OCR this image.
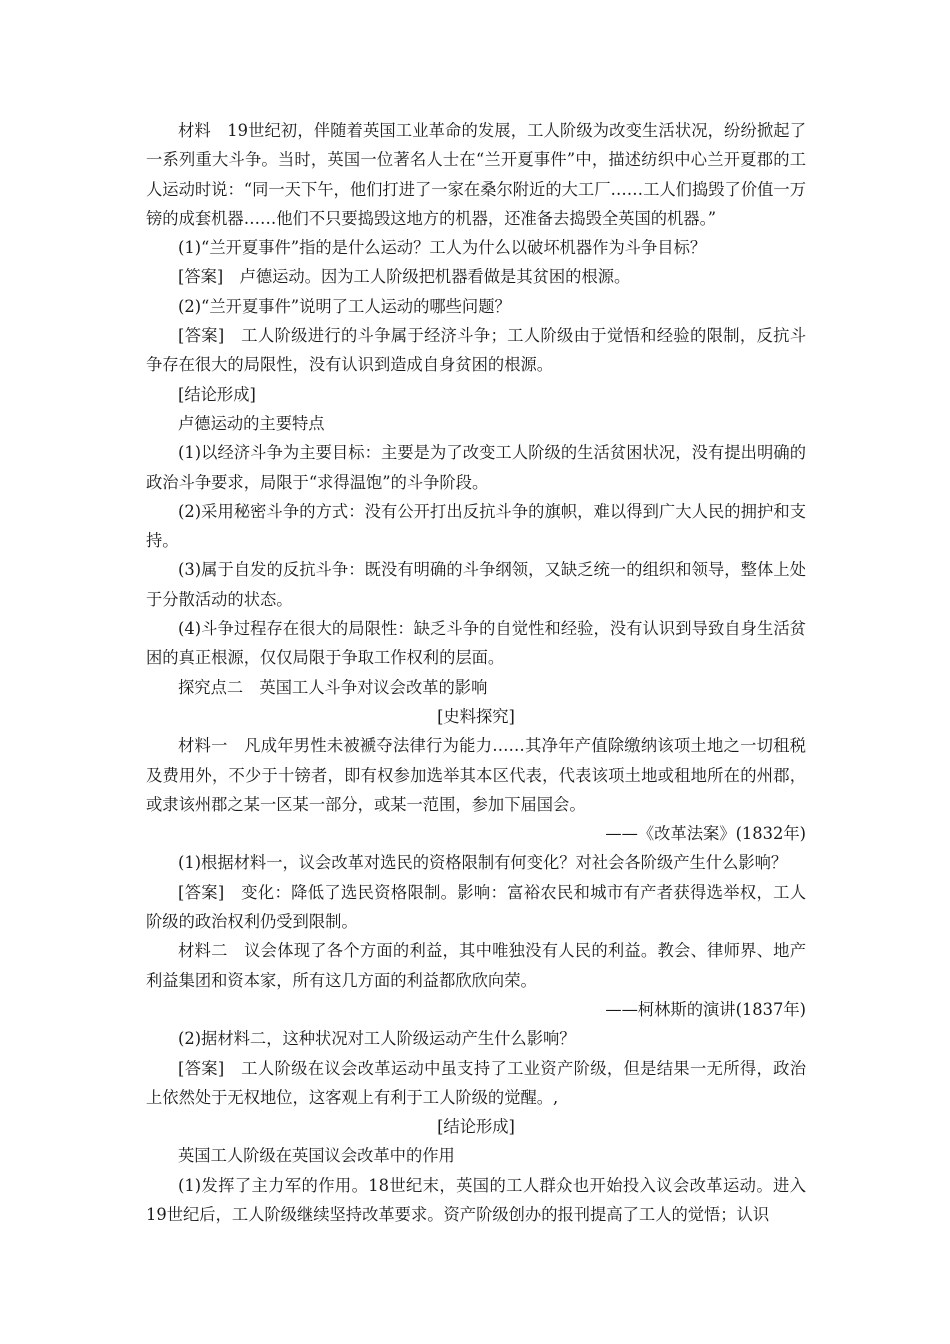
材料　19世纪初，伴随着英国工业革命的发展，工人阶级为改变生活状况，纷纷掀起了一系列重大斗争。当时，英国一位著名人士在“兰开夏事件”中，描述纺织中心兰开夏郡的工人运动时说：“同一天下午，他们打进了一家在桑尔附近的大工厂……工人们捣毁了价值一万镑的成套机器……他们不只要捣毁这地方的机器，还准备去捣毁全英国的机器。”

(1)“兰开夏事件”指的是什么运动？工人为什么以破坏机器作为斗争目标？

[答案]　卢德运动。因为工人阶级把机器看做是其贫困的根源。

(2)“兰开夏事件”说明了工人运动的哪些问题？

[答案]　工人阶级进行的斗争属于经济斗争；工人阶级由于觉悟和经验的限制，反抗斗争存在很大的局限性，没有认识到造成自身贫困的根源。

[结论形成]

卢德运动的主要特点

(1)以经济斗争为主要目标：主要是为了改变工人阶级的生活贫困状况，没有提出明确的政治斗争要求，局限于“求得温饱”的斗争阶段。

(2)采用秘密斗争的方式：没有公开打出反抗斗争的旗帜，难以得到广大人民的拥护和支持。

(3)属于自发的反抗斗争：既没有明确的斗争纲领，又缺乏统一的组织和领导，整体上处于分散活动的状态。

(4)斗争过程存在很大的局限性：缺乏斗争的自觉性和经验，没有认识到导致自身生活贫困的真正根源，仅仅局限于争取工作权利的层面。

探究点二　英国工人斗争对议会改革的影响

[史料探究]

材料一　凡成年男性未被褫夺法律行为能力……其净年产值除缴纳该项土地之一切租税及费用外，不少于十镑者，即有权参加选举其本区代表，代表该项土地或租地所在的州郡，或隶该州郡之某一区某一部分，或某一范围，参加下届国会。

——《改革法案》(1832年)

(1)根据材料一，议会改革对选民的资格限制有何变化？对社会各阶级产生什么影响？

[答案]　变化：降低了选民资格限制。影响：富裕农民和城市有产者获得选举权，工人阶级的政治权利仍受到限制。

材料二　议会体现了各个方面的利益，其中唯独没有人民的利益。教会、律师界、地产利益集团和资本家，所有这几方面的利益都欣欣向荣。

——柯林斯的演讲(1837年)

(2)据材料二，这种状况对工人阶级运动产生什么影响？

[答案]　工人阶级在议会改革运动中虽支持了工业资产阶级，但是结果一无所得，政治上依然处于无权地位，这客观上有利于工人阶级的觉醒。,

[结论形成]

英国工人阶级在英国议会改革中的作用

(1)发挥了主力军的作用。18世纪末，英国的工人群众也开始投入议会改革运动。进入19世纪后，工人阶级继续坚持改革要求。资产阶级创办的报刊提高了工人的觉悟；认识
